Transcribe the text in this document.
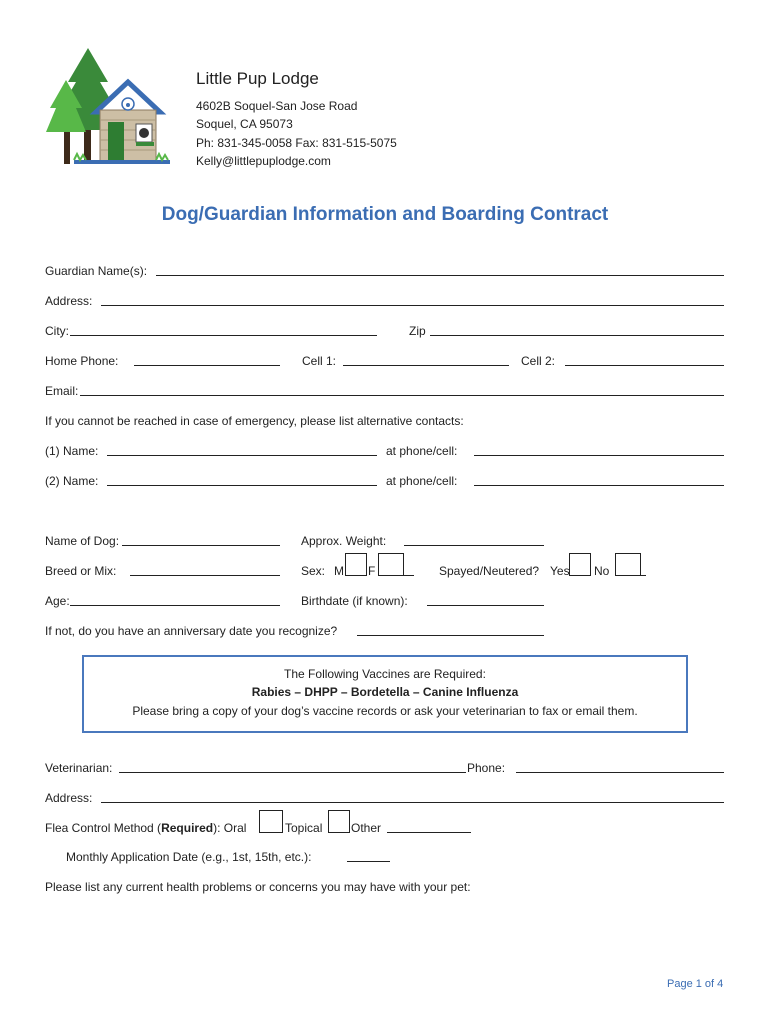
Little Pup Lodge
4602B Soquel-San Jose Road
Soquel, CA 95073
Ph: 831-345-0058 Fax: 831-515-5075
Kelly@littlepuplodge.com
Dog/Guardian Information and Boarding Contract
Guardian Name(s):
Address:
City:	Zip
Home Phone:	Cell 1:	Cell 2:
Email:
If you cannot be reached in case of emergency, please list alternative contacts:
(1) Name:	at phone/cell:
(2) Name:	at phone/cell:
Name of Dog:	Approx. Weight:
Breed or Mix:	Sex: M F	Spayed/Neutered? Yes No
Age:	Birthdate (if known):
If not, do you have an anniversary date you recognize?
The Following Vaccines are Required:
Rabies – DHPP – Bordetella – Canine Influenza
Please bring a copy of your dog’s vaccine records or ask your veterinarian to fax or email them.
Veterinarian:	Phone:
Address:
Flea Control Method (Required): Oral	Topical Other
Monthly Application Date (e.g., 1st, 15th, etc.):
Please list any current health problems or concerns you may have with your pet:
Page 1 of 4
